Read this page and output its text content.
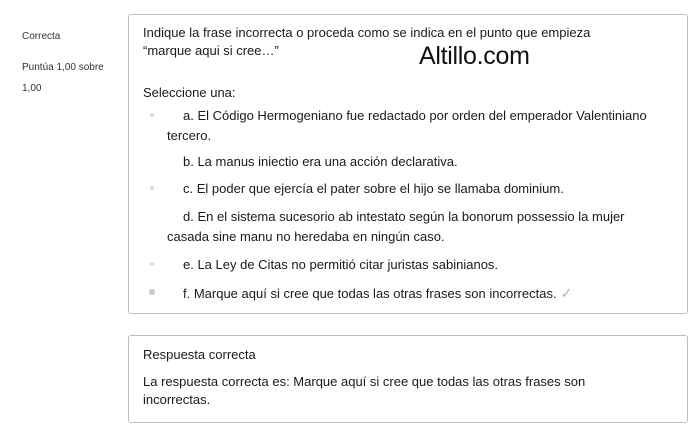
Correcta
Puntúa 1,00 sobre 1,00
Indique la frase incorrecta o proceda como se indica en el punto que empieza “marque aqui si cree…”	Altillo.com
Seleccione una:
a. El Código Hermogeniano fue redactado por orden del emperador Valentiniano tercero.
b. La manus iniectio era una acción declarativa.
c. El poder que ejercía el pater sobre el hijo se llamaba dominium.
d. En el sistema sucesorio ab intestato según la bonorum possessio la mujer casada sine manu no heredaba en ningún caso.
e. La Ley de Citas no permitió citar juristas sabinianos.
f. Marque aquí si cree que todas las otras frases son incorrectas. ✓
Respuesta correcta
La respuesta correcta es: Marque aquí si cree que todas las otras frases son incorrectas.
